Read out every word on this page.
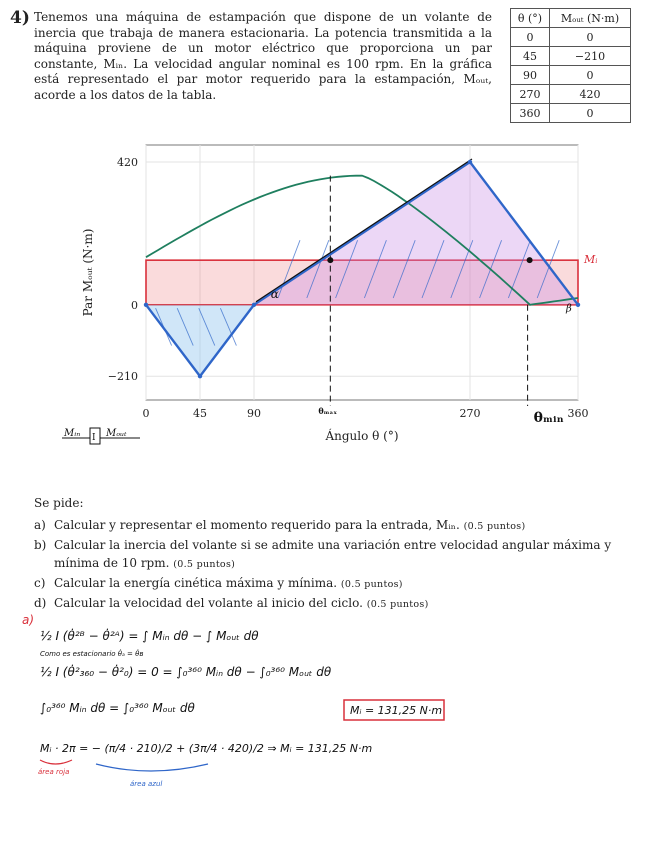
4) Tenemos una máquina de estampación que dispone de un volante de inercia que trabaja de manera estacionaria. La potencia transmitida a la máquina proviene de un motor eléctrico que proporciona un par constante, Mᵢₙ. La velocidad angular nominal es 100 rpm. En la gráfica está representado el par motor requerido para la estampación, Mₒᵤₜ, acorde a los datos de la tabla.
θ (°)	Mₒᵤₜ (N·m)
0	0
45	−210
90	0
270	420
360	0
0	45	90	270	360
420
0
−210
Ángulo θ (°)
Par Mₒᵤₜ (N·m)	Mᵢ
θₘₐₓ	θₘᵢₙ
α
β
Mᵢₙ I Mₒᵤₜ
Se pide:
a) Calcular y representar el momento requerido para la entrada, Mᵢₙ. (0.5 puntos)
b) Calcular la inercia del volante si se admite una variación entre velocidad angular máxima y mínima de 10 rpm. (0.5 puntos)
c) Calcular la energía cinética máxima y mínima. (0.5 puntos)
d) Calcular la velocidad del volante al inicio del ciclo. (0.5 puntos)
a)
½ I (θ̇²ᴮ − θ̇²ᴬ) = ∫ Mᵢₙ dθ − ∫ Mₒᵤₜ dθ
Como es estacionario θ̇ₐ = θ̇ʙ
½ I (θ̇²₃₆₀ − θ̇²₀) = 0 = ∫₀³⁶⁰ Mᵢₙ dθ − ∫₀³⁶⁰ Mₒᵤₜ dθ
∫₀³⁶⁰ Mᵢₙ dθ = ∫₀³⁶⁰ Mₒᵤₜ dθ	Mᵢ = 131,25 N·m
Mᵢ · 2π = − (π/4 · 210)/2 + (3π/4 · 420)/2 ⇒ Mᵢ = 131,25 N·m
área roja
área azul
